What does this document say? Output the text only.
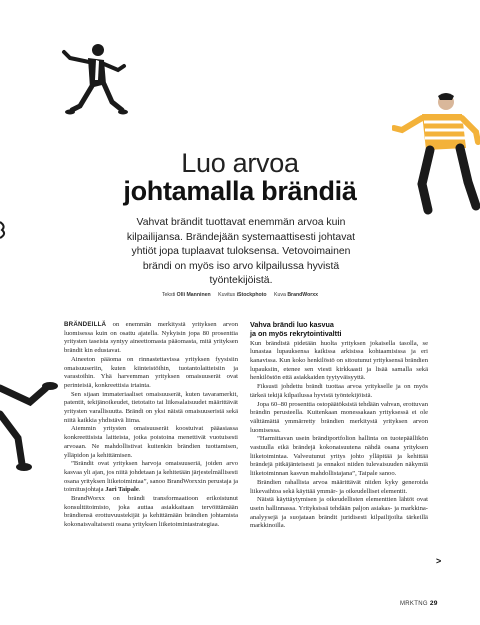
Luo arvoa
johtamalla brändiä
Vahvat brändit tuottavat enemmän arvoa kuin kilpailijansa. Brändejään systemaattisesti johtavat yhtiöt jopa tuplaavat tuloksensa. Vetovoimainen brändi on myös iso arvo kilpailussa hyvistä työntekijöistä.
Teksti Olli Manninen Kuvitus iStockphoto Kuva BrandWorxx

BRÄNDEILLÄ on enemmän merkitystä yrityksen arvon luomisessa kuin on osattu ajatella. Nykyisin jopa 80 prosenttia yritysten taseista syntyy aineettomasta pääomasta, mitä yrityksen brändit kin edustavat.

Aineeton pääoma on rinnastettavissa yrityksen fyysisiin omaisuuseriin, kuten kiinteistöihin, tuotantolaitteisiin ja varastoihin. Yhä harvemman yrityksen omaisuuserät ovat perinteisiä, konkreettisia irtaintа.

Sen sijaan immateriaaliset omaisuuserät, kuten tavaramerkit, patentit, tekijänoikeudet, tietotaito tai liikesalaisuudet määrittävät yritysten varallisuutta. Brändi on yksi näistä omaisuuseristä sekä niitä kaikkia yhdistävä liima.

Aiemmin yritysten omaisuuserät koostuivat pääasiassa konkreettisista laitteista, jotka poistoina menettivät vuotuisesti arvoaan. Ne mahdollistivat kuitenkin brändien tuottamisen, ylläpidon ja kehittämisen.

”Brändit ovat yrityksen harvoja omaisuuseriä, joiden arvo kasvaa yli ajan, jos niitä johdetaan ja kehitetään järjestelmällisesti osana yrityksen liiketoimintaa”, sanoo BrandWorxxin perustaja ja toimitusjohtaja Jari Taipale.

BrandWorxx on brändi transformaatioon erikoistunut konsulttitoimisto, joka auttaa asiakkaitaan tervöittämään brändiensä erottuvuustekijät ja kehittämään brändien johtamista kokonaisvaltaisesti osana yrityksen liiketoimintastrategiaa.

Vahva brändi luo kasvua
ja on myös rekrytointivaltti

Kun brändistä pidetään huolta yrityksen jokaisella tasolla, se lunastaa lupauksensa kaikissa arkisissa kohtaamisissa ja eri kanavissa. Kun koko henkilöstö on sitoutunut yrityksensä brändien lupauksiin, etenee sen viesti kirkkaasti ja lisää samalla sekä henkilöstön että asiakkaiden tyytyväisyyttä.

Fiksusti johdettu brändi tuottaa arvoa yritykselle ja on myös tärkeä tekijä kilpailussa hyvistä työntekijöistä.

Jopa 60–80 prosenttia ostopäätöksistä tehdään vahvan, erottuvan brändin perusteella. Kuitenkaan monessakaan yrityksessä ei ole välttämättä ymmärretty brändien merkitystä yrityksen arvon luomisessa.

”Harmittavan usein brändiportfolion hallinta on tuotepäällikön vastuulla eikä brändejä kokonaisuutena nähdä osana yrityksen liiketoimintaa. Valveutunut yritys johto ylläpitää ja kehittää brändejä pitkäjänteisesti ja ennakoi niiden tulevaisuuden näkymiä liiketoiminnan kasvun mahdollistajana”, Taipale sanoo.

Brändien rahallista arvoa määrittävät niiden kyky generoida liikevaihtoa sekä käyttää ymmär- ja oikeudelliset elementit.

Näistä käyttäytymisen ja oikeudellisten elementtien lähtöt ovat usein hallinnassa. Yrityksissä tehdään paljon asiakas- ja markkina-analyysejä ja suojataan brändit juridisesti kilpailijoilta tärkeillä markkinoilla.

>
MRKTNG 29
